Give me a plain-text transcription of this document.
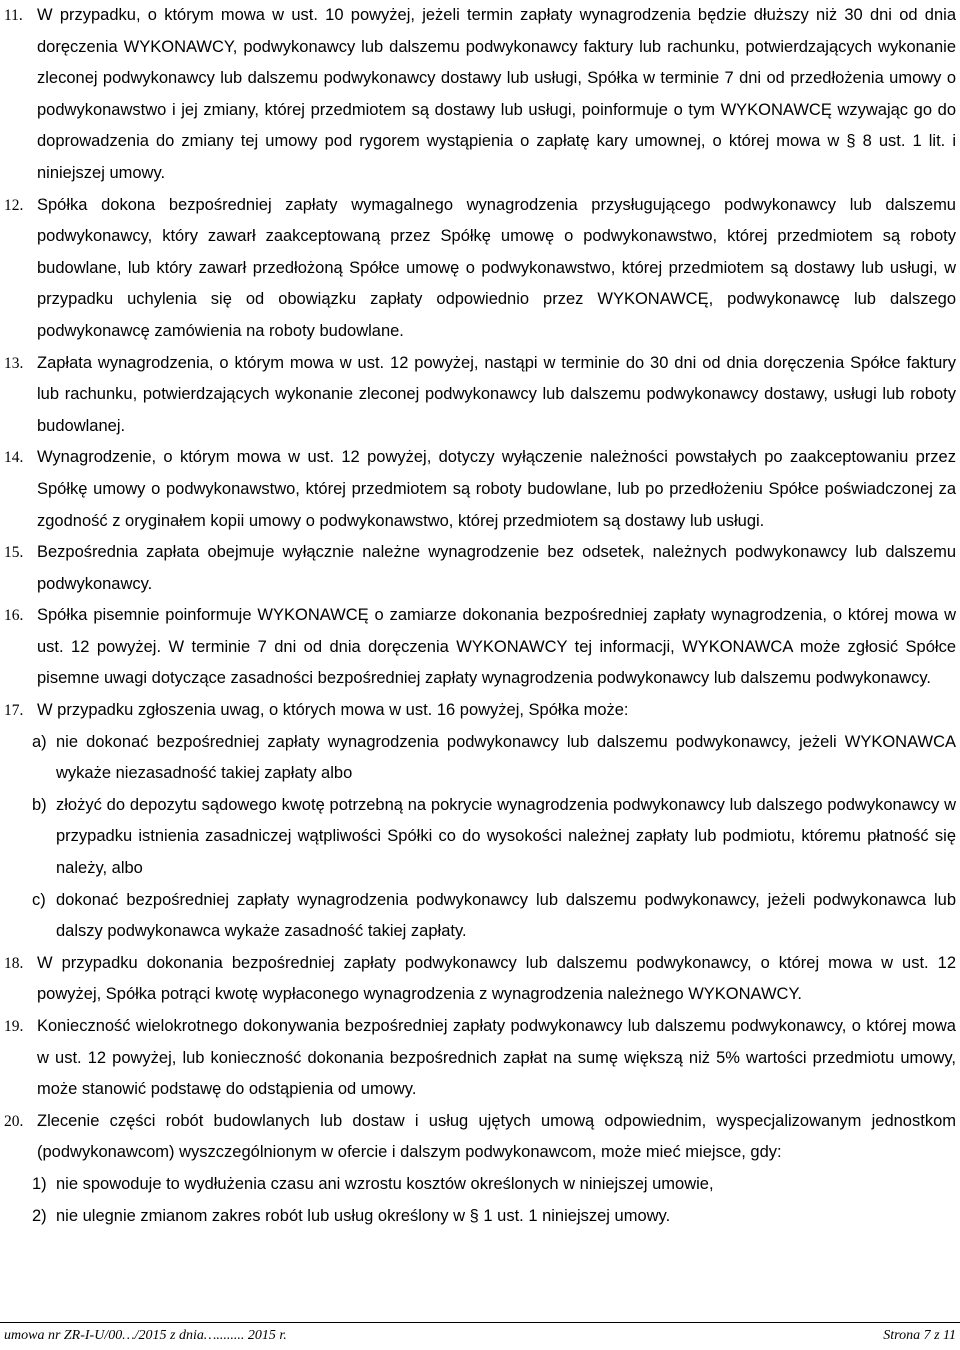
11. W przypadku, o którym mowa w ust. 10 powyżej, jeżeli termin zapłaty wynagrodzenia będzie dłuższy niż 30 dni od dnia doręczenia WYKONAWCY, podwykonawcy lub dalszemu podwykonawcy faktury lub rachunku, potwierdzających wykonanie zleconej podwykonawcy lub dalszemu podwykonawcy dostawy lub usługi, Spółka w terminie 7 dni od przedłożenia umowy o podwykonawstwo i jej zmiany, której przedmiotem są dostawy lub usługi, poinformuje o tym WYKONAWCĘ wzywając go do doprowadzenia do zmiany tej umowy pod rygorem wystąpienia o zapłatę kary umownej, o której mowa w § 8 ust. 1 lit. i niniejszej umowy.
12. Spółka dokona bezpośredniej zapłaty wymagalnego wynagrodzenia przysługującego podwykonawcy lub dalszemu podwykonawcy, który zawarł zaakceptowaną przez Spółkę umowę o podwykonawstwo, której przedmiotem są roboty budowlane, lub który zawarł przedłożoną Spółce umowę o podwykonawstwo, której przedmiotem są dostawy lub usługi, w przypadku uchylenia się od obowiązku zapłaty odpowiednio przez WYKONAWCĘ, podwykonawcę lub dalszego podwykonawcę zamówienia na roboty budowlane.
13. Zapłata wynagrodzenia, o którym mowa w ust. 12 powyżej, nastąpi w terminie do 30 dni od dnia doręczenia Spółce faktury lub rachunku, potwierdzających wykonanie zleconej podwykonawcy lub dalszemu podwykonawcy dostawy, usługi lub roboty budowlanej.
14. Wynagrodzenie, o którym mowa w ust. 12 powyżej, dotyczy wyłączenie należności powstałych po zaakceptowaniu przez Spółkę umowy o podwykonawstwo, której przedmiotem są roboty budowlane, lub po przedłożeniu Spółce poświadczonej za zgodność z oryginałem kopii umowy o podwykonawstwo, której przedmiotem są dostawy lub usługi.
15. Bezpośrednia zapłata obejmuje wyłącznie należne wynagrodzenie bez odsetek, należnych podwykonawcy lub dalszemu podwykonawcy.
16. Spółka pisemnie poinformuje WYKONAWCĘ o zamiarze dokonania bezpośredniej zapłaty wynagrodzenia, o której mowa w ust. 12 powyżej. W terminie 7 dni od dnia doręczenia WYKONAWCY tej informacji, WYKONAWCA może zgłosić Spółce pisemne uwagi dotyczące zasadności bezpośredniej zapłaty wynagrodzenia podwykonawcy lub dalszemu podwykonawcy.
17. W przypadku zgłoszenia uwag, o których mowa w ust. 16 powyżej, Spółka może:
a) nie dokonać bezpośredniej zapłaty wynagrodzenia podwykonawcy lub dalszemu podwykonawcy, jeżeli WYKONAWCA wykaże niezasadność takiej zapłaty albo
b) złożyć do depozytu sądowego kwotę potrzebną na pokrycie wynagrodzenia podwykonawcy lub dalszego podwykonawcy w przypadku istnienia zasadniczej wątpliwości Spółki co do wysokości należnej zapłaty lub podmiotu, któremu płatność się należy, albo
c) dokonać bezpośredniej zapłaty wynagrodzenia podwykonawcy lub dalszemu podwykonawcy, jeżeli podwykonawca lub dalszy podwykonawca wykaże zasadność takiej zapłaty.
18. W przypadku dokonania bezpośredniej zapłaty podwykonawcy lub dalszemu podwykonawcy, o której mowa w ust. 12 powyżej, Spółka potrąci kwotę wypłaconego wynagrodzenia z wynagrodzenia należnego WYKONAWCY.
19. Konieczność wielokrotnego dokonywania bezpośredniej zapłaty podwykonawcy lub dalszemu podwykonawcy, o której mowa w ust. 12 powyżej, lub konieczność dokonania bezpośrednich zapłat na sumę większą niż 5% wartości przedmiotu umowy, może stanowić podstawę do odstąpienia od umowy.
20. Zlecenie części robót budowlanych lub dostaw i usług ujętych umową odpowiednim, wyspecjalizowanym jednostkom (podwykonawcom) wyszczególnionym w ofercie i dalszym podwykonawcom, może mieć miejsce, gdy:
1) nie spowoduje to wydłużenia czasu ani wzrostu kosztów określonych w niniejszej umowie,
2) nie ulegnie zmianom zakres robót lub usług określony w § 1 ust. 1 niniejszej umowy.
umowa nr ZR-I-U/00…/2015 z dnia…........ 2015 r.	Strona 7 z 11
